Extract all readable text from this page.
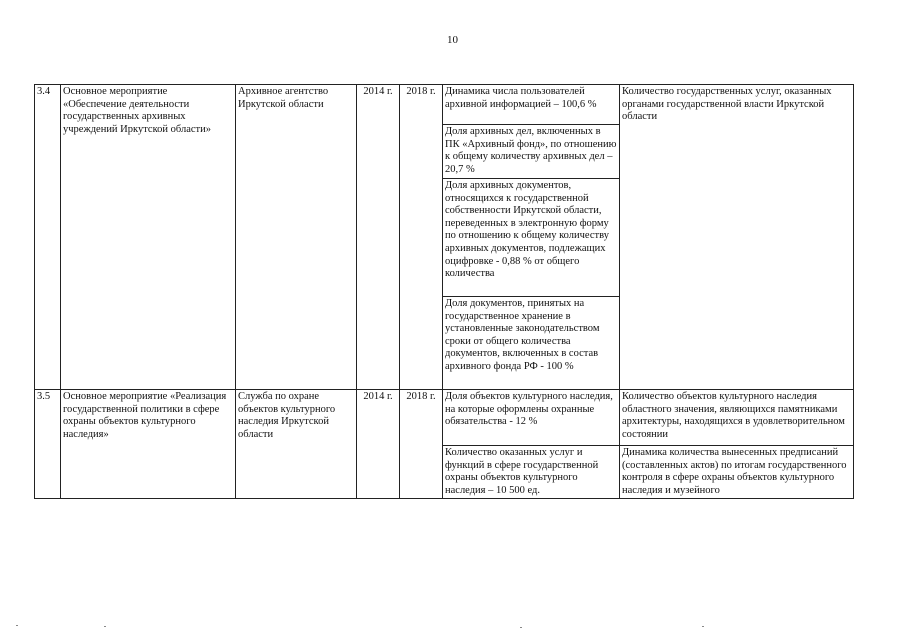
10
3.4	Основное мероприятие «Обеспечение деятельности государственных архивных учреждений Иркутской области»	Архивное агентство Иркутской области	2014 г.	2018 г.	Динамика числа пользователей архивной информацией – 100,6 %	Количество государственных услуг, оказанных органами государственной власти Иркутской области
					Доля архивных дел, включенных в ПК «Архивный фонд», по отношению к общему количеству архивных дел –20,7 %	
					Доля архивных документов, относящихся к государственной собственности Иркутской области, переведенных в электронную форму по отношению к общему количеству архивных документов, подлежащих оцифровке - 0,88 % от общего количества	
					Доля документов, принятых на государственное хранение в установленные законодательством сроки от общего количества документов, включенных в состав архивного фонда РФ - 100 %	
3.5	Основное мероприятие «Реализация государственной политики в сфере охраны объектов культурного наследия»	Служба по охране объектов культурного наследия Иркутской области	2014 г.	2018 г.	Доля объектов культурного наследия, на которые оформлены охранные обязательства - 12 %	Количество объектов культурного наследия областного значения, являющихся памятниками архитектуры, находящихся в удовлетворительном состоянии
					Количество оказанных услуг и функций в сфере государственной охраны объектов культурного наследия – 10 500 ед.	Динамика количества вынесенных предписаний (составленных актов) по итогам государственного контроля в сфере охраны объектов культурного наследия и музейного
